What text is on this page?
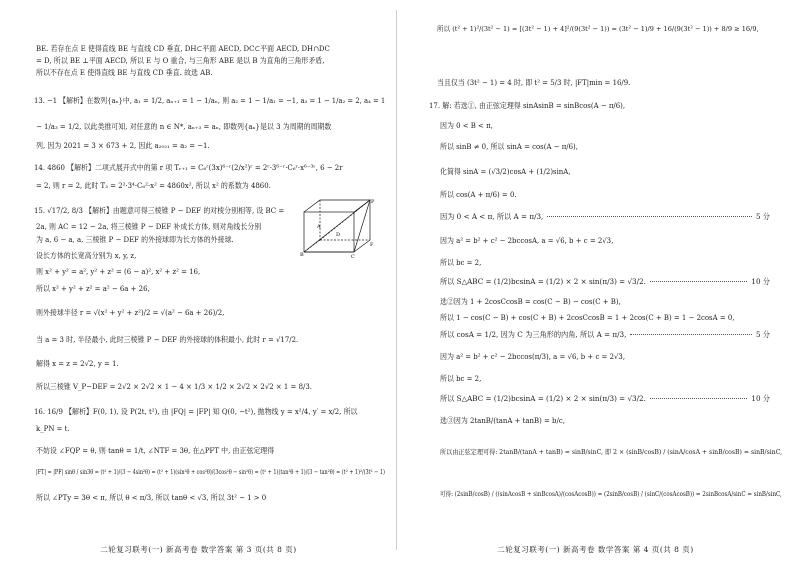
BE. 若存在点 E 使得直线 BE 与直线 CD 垂直, DH⊂平面 AECD, DC⊂平面 AECD, DH∩DC
= D, 所以 BE ⊥平面 AECD, 所以 E 与 O 重合, 与三角形 ABE 是以 B 为直角的三角形矛盾,
所以不存在点 E 使得直线 BE 与直线 CD 垂直. 故选 AB.
13. −1 【解析】在数列{aₙ}中, a₁ = 1/2, aₙ₊₁ = 1 − 1/aₙ, 则 a₂ = 1 − 1/a₁ = −1, a₃ = 1 − 1/a₂ = 2, a₄ = 1
− 1/a₃ = 1/2, 以此类推可知, 对任意的 n ∈ N*, aₙ₊₃ = aₙ, 即数列{aₙ}是以 3 为周期的周期数
列, 因为 2021 = 3 × 673 + 2, 因此 a₂₀₂₁ = a₂ = −1.
14. 4860 【解析】二项式展开式中的第 r 项 Tᵣ₊₁ = C₆ʳ(3x)⁶⁻ʳ(2/x²)ʳ = 2ʳ·3⁶⁻ʳ·C₆ʳ·x⁶⁻³ʳ, 6 − 2r
= 2, 则 r = 2, 此时 T₃ = 2²·3⁴·C₆²·x² = 4860x², 所以 x² 的系数为 4860.
15. √17/2, 8/3 【解析】由题意可得三棱锥 P − DEF 的对棱分别相等, 设 BC =
2a, 则 AC = 12 − 2a, 将三棱锥 P − DEF 补成长方体, 则对角线长分别
为 a, 6 − a, a, 三棱锥 P − DEF 的外接球即为长方体的外接球.
设长方体的长宽高分别为 x, y, z,
则 x² + y² = a², y² + z² = (6 − a)², x² + z² = 16,
所以 x² + y² + z² = a² − 6a + 26,
则外接球半径 r = √(x² + y² + z²)/2 = √(a² − 6a + 26)/2,
当 a = 3 时, 半径最小, 此时三棱锥 P − DEF 的外接球的体积最小, 此时 r = √17/2.
解得 x = z = 2√2, y = 1.
所以三棱锥 V_P−DEF = 2√2 × 2√2 × 1 − 4 × 1/3 × 1/2 × 2√2 × 2√2 × 1 = 8/3.
16. 16/9 【解析】F(0, 1), 设 P(2t, t²), 由 |FQ| = |FP| 知 Q(0, −t²), 抛物线 y = x²/4, y′ = x/2, 所以
k_PN = t.
不妨设 ∠FQP = θ, 则 tanθ = 1/t, ∠NTF = 3θ, 在△PFT 中, 由正弦定理得
|FT| = |PF| sinθ / sin3θ = (t² + 1)/(3 − 4sin²θ) = (t² + 1)(sin²θ + cos²θ)/(3cos²θ − sin²θ) = (t² + 1)(tan²θ + 1)/(3 − tan²θ) = (t² + 1)²/(3t² − 1)
所以 ∠PTy = 3θ < π, 所以 θ < π/3, 所以 tanθ < √3, 所以 3t² − 1 > 0
P
A
D
B	C
F
二轮复习联考(一) 新高考卷 数学答案 第 3 页(共 8 页)
所以 (t² + 1)²/(3t² − 1) = [(3t² − 1) + 4]²/(9(3t² − 1)) = (3t² − 1)/9 + 16/(9(3t² − 1)) + 8/9 ≥ 16/9,
当且仅当 (3t² − 1) = 4 时, 即 t² = 5/3 时, |FT|min = 16/9.
17. 解: 若选①, 由正弦定理得 sinAsinB = sinBcos(A − π/6),
因为 0 < B < π,
所以 sinB ≠ 0, 所以 sinA = cos(A − π/6),
化简得 sinA = (√3/2)cosA + (1/2)sinA,
所以 cos(A + π/6) = 0.
因为 0 < A < π, 所以 A = π/3,	5 分
因为 a² = b² + c² − 2bccosA, a = √6, b + c = 2√3,
所以 bc = 2,
所以 S△ABC = (1/2)bcsinA = (1/2) × 2 × sin(π/3) = √3/2.	10 分
选②因为 1 + 2cosCcosB = cos(C − B) − cos(C + B),
所以 1 − cos(C − B) + cos(C + B) + 2cosCcosB = 1 + 2cos(C + B) = 1 − 2cosA = 0,
所以 cosA = 1/2, 因为 C 为三角形的内角, 所以 A = π/3,	5 分
因为 a² = b² + c² − 2bccos(π/3), a = √6, b + c = 2√3,
所以 bc = 2,
所以 S△ABC = (1/2)bcsinA = (1/2) × 2 × sin(π/3) = √3/2.	10 分
选③因为 2tanB/(tanA + tanB) = b/c,
所以由正弦定理可得: 2tanB/(tanA + tanB) = sinB/sinC, 即 2 × (sinB/cosB) / (sinA/cosA + sinB/cosB) = sinB/sinC,
可得: (2sinB/cosB) / ((sinAcosB + sinBcosA)/(cosAcosB)) = (2sinB/cosB) / (sinC/(cosAcosB)) = 2sinBcosA/sinC = sinB/sinC,
二轮复习联考(一) 新高考卷 数学答案 第 4 页(共 8 页)
